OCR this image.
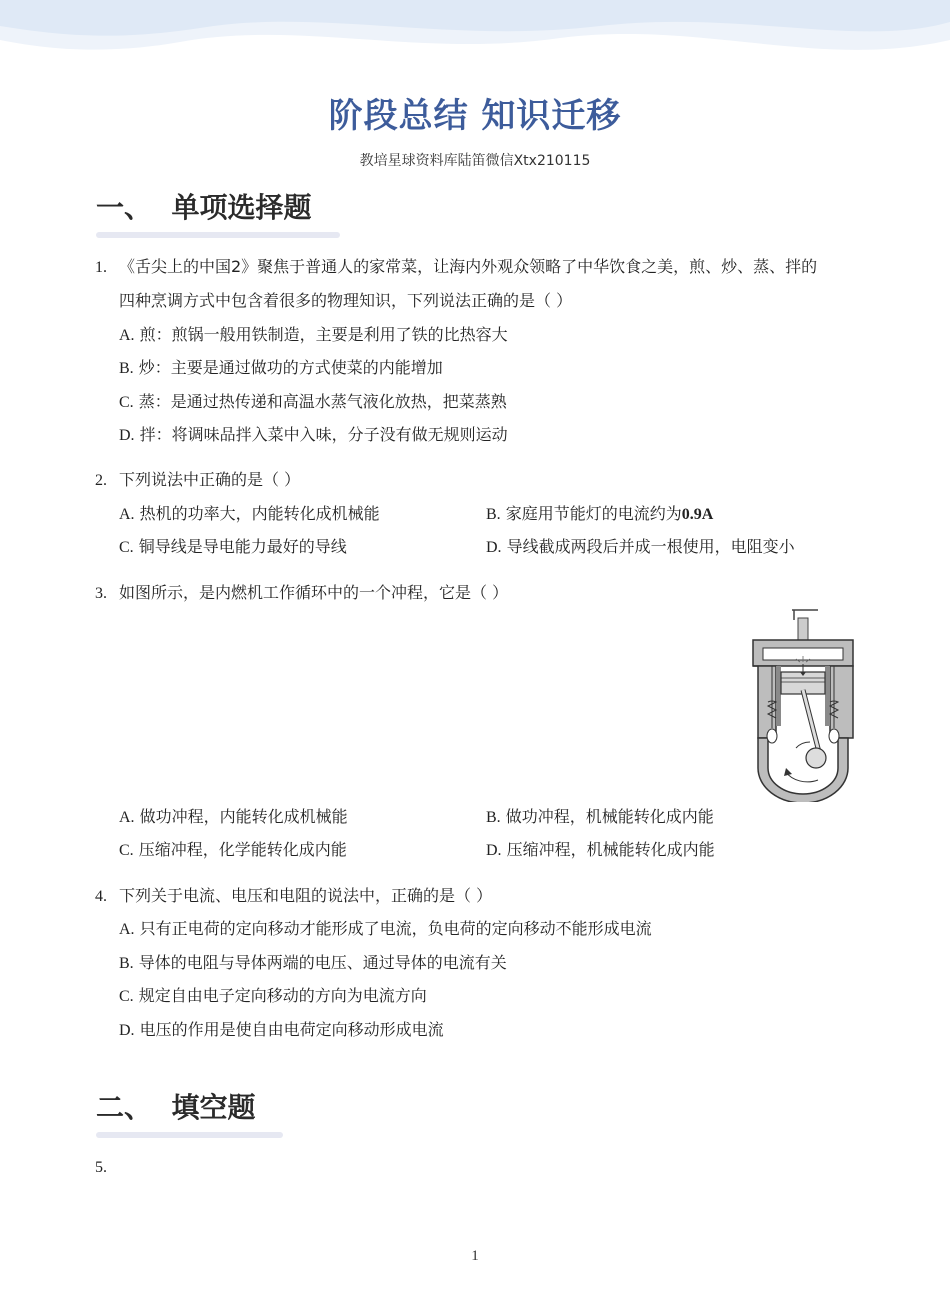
阶段总结 知识迁移
教培星球资料库陆笛微信Xtx210115
一、  单项选择题
1. 《舌尖上的中国2》聚焦于普通人的家常菜，让海内外观众领略了中华饮食之美，煎、炒、蒸、拌的
四种烹调方式中包含着很多的物理知识，下列说法正确的是（ ）
A. 煎：煎锅一般用铁制造，主要是利用了铁的比热容大
B. 炒：主要是通过做功的方式使菜的内能增加
C. 蒸：是通过热传递和高温水蒸气液化放热，把菜蒸熟
D. 拌：将调味品拌入菜中入味，分子没有做无规则运动
2. 下列说法中正确的是（ ）
A. 热机的功率大，内能转化成机械能	B. 家庭用节能灯的电流约为0.9A
C. 铜导线是导电能力最好的导线	D. 导线截成两段后并成一根使用，电阻变小
3. 如图所示，是内燃机工作循环中的一个冲程，它是（ ）
A. 做功冲程，内能转化成机械能	B. 做功冲程，机械能转化成内能
C. 压缩冲程，化学能转化成内能	D. 压缩冲程，机械能转化成内能
4. 下列关于电流、电压和电阻的说法中，正确的是（ ）
A. 只有正电荷的定向移动才能形成了电流，负电荷的定向移动不能形成电流
B. 导体的电阻与导体两端的电压、通过导体的电流有关
C. 规定自由电子定向移动的方向为电流方向
D. 电压的作用是使自由电荷定向移动形成电流
二、  填空题
5.
1
